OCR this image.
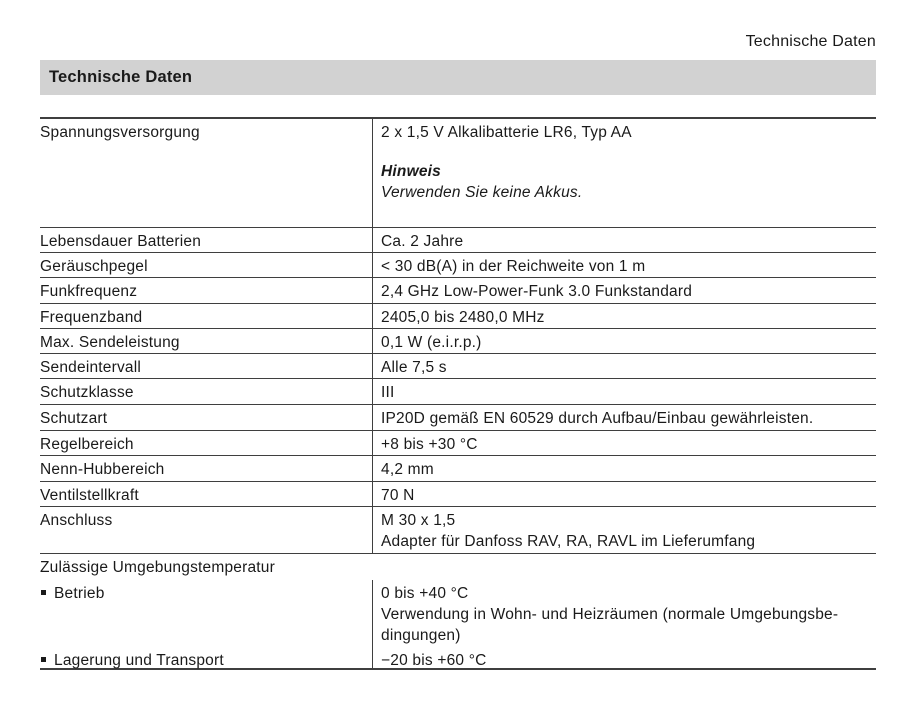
Technische Daten
Technische Daten
Spannungsversorgung	2 x 1,5 V Alkalibatterie LR6, Typ AA
Hinweis
Verwenden Sie keine Akkus.
Lebensdauer Batterien	Ca. 2 Jahre
Geräuschpegel	< 30 dB(A) in der Reichweite von 1 m
Funkfrequenz	2,4 GHz Low-Power-Funk 3.0 Funkstandard
Frequenzband	2405,0 bis 2480,0 MHz
Max. Sendeleistung	0,1 W (e.i.r.p.)
Sendeintervall	Alle 7,5 s
Schutzklasse	III
Schutzart	IP20D gemäß EN 60529 durch Aufbau/Einbau gewährleisten.
Regelbereich	+8 bis +30 °C
Nenn-Hubbereich	4,2 mm
Ventilstellkraft	70 N
Anschluss	M 30 x 1,5
Adapter für Danfoss RAV, RA, RAVL im Lieferumfang
Zulässige Umgebungstemperatur
Betrieb	0 bis +40 °C
Verwendung in Wohn- und Heizräumen (normale Umgebungsbe-
dingungen)
Lagerung und Transport	−20 bis +60 °C
